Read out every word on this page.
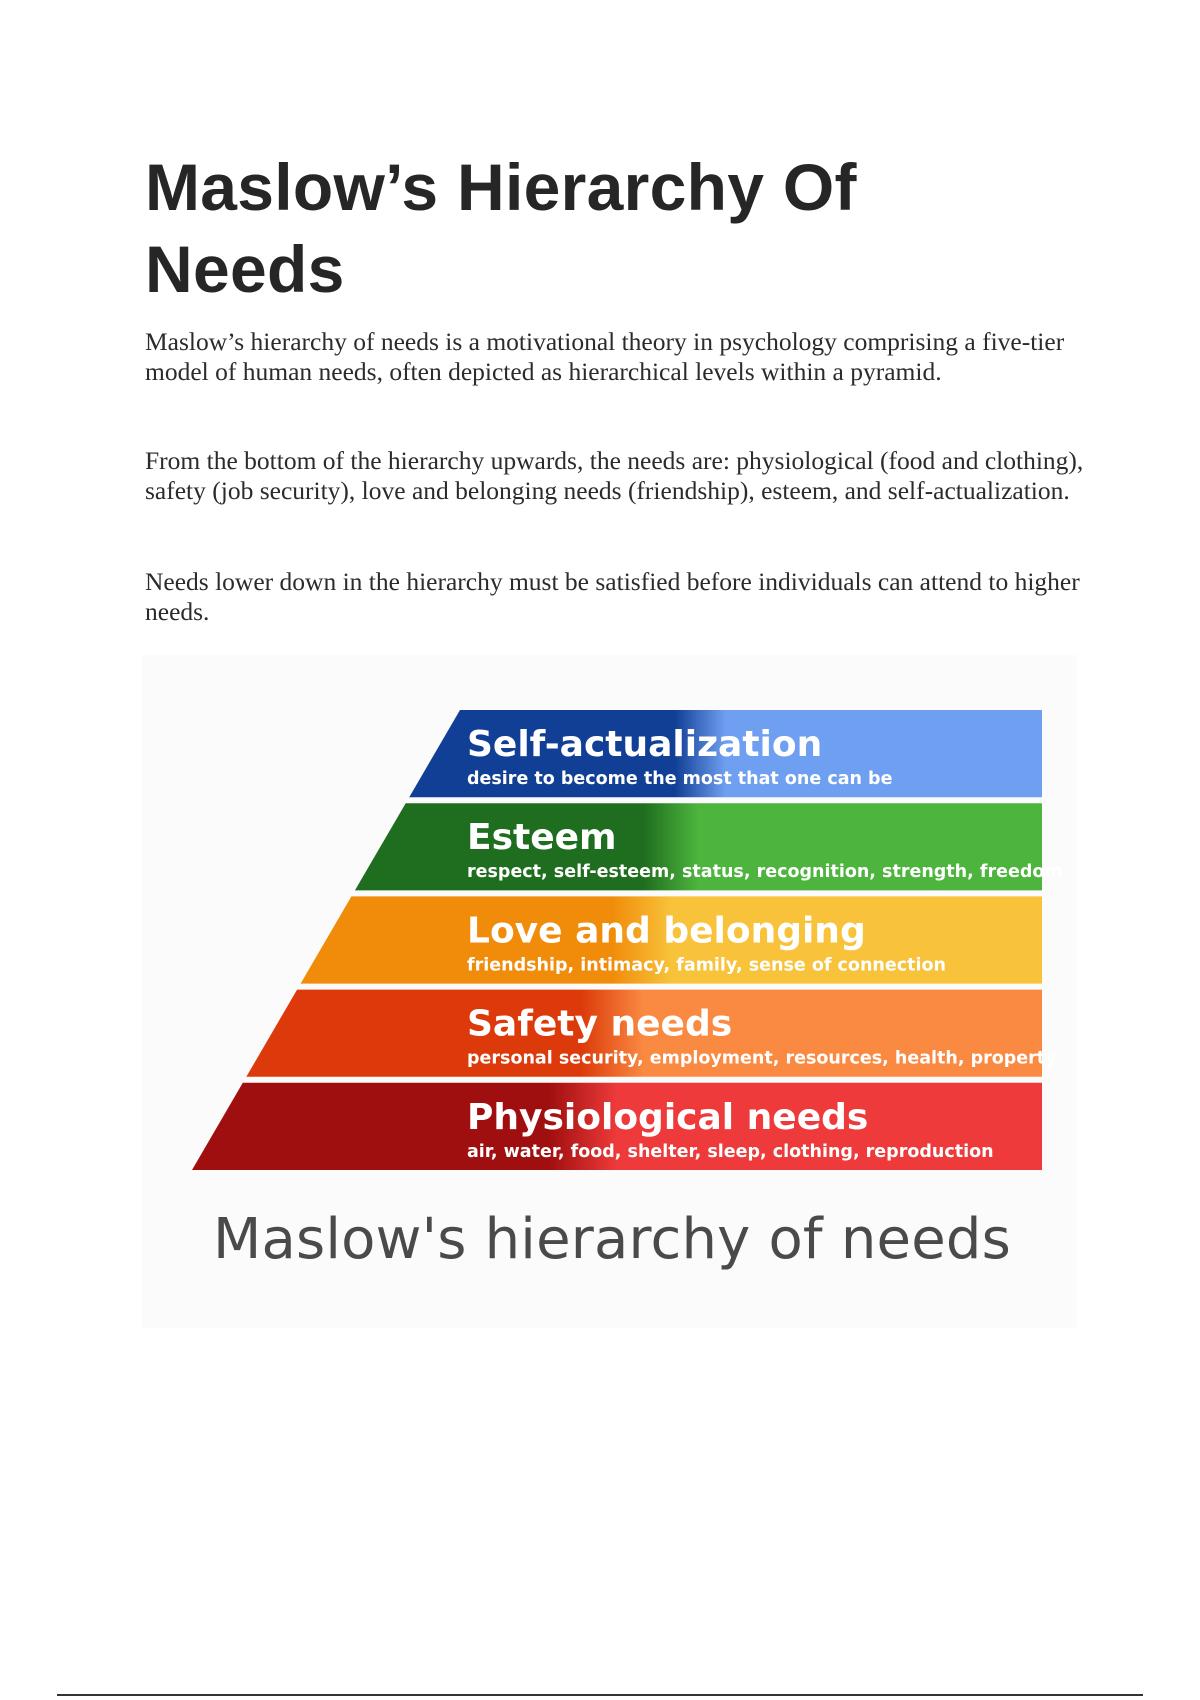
Maslow’s Hierarchy Of Needs

Maslow’s hierarchy of needs is a motivational theory in psychology comprising a five-tier model of human needs, often depicted as hierarchical levels within a pyramid.

From the bottom of the hierarchy upwards, the needs are: physiological (food and clothing), safety (job security), love and belonging needs (friendship), esteem, and self-actualization.

Needs lower down in the hierarchy must be satisfied before individuals can attend to higher needs.

Self-actualization
desire to become the most that one can be
Esteem
respect, self-esteem, status, recognition, strength, freedom
Love and belonging
friendship, intimacy, family, sense of connection
Safety needs
personal security, employment, resources, health, property
Physiological needs
air, water, food, shelter, sleep, clothing, reproduction
Maslow's hierarchy of needs
